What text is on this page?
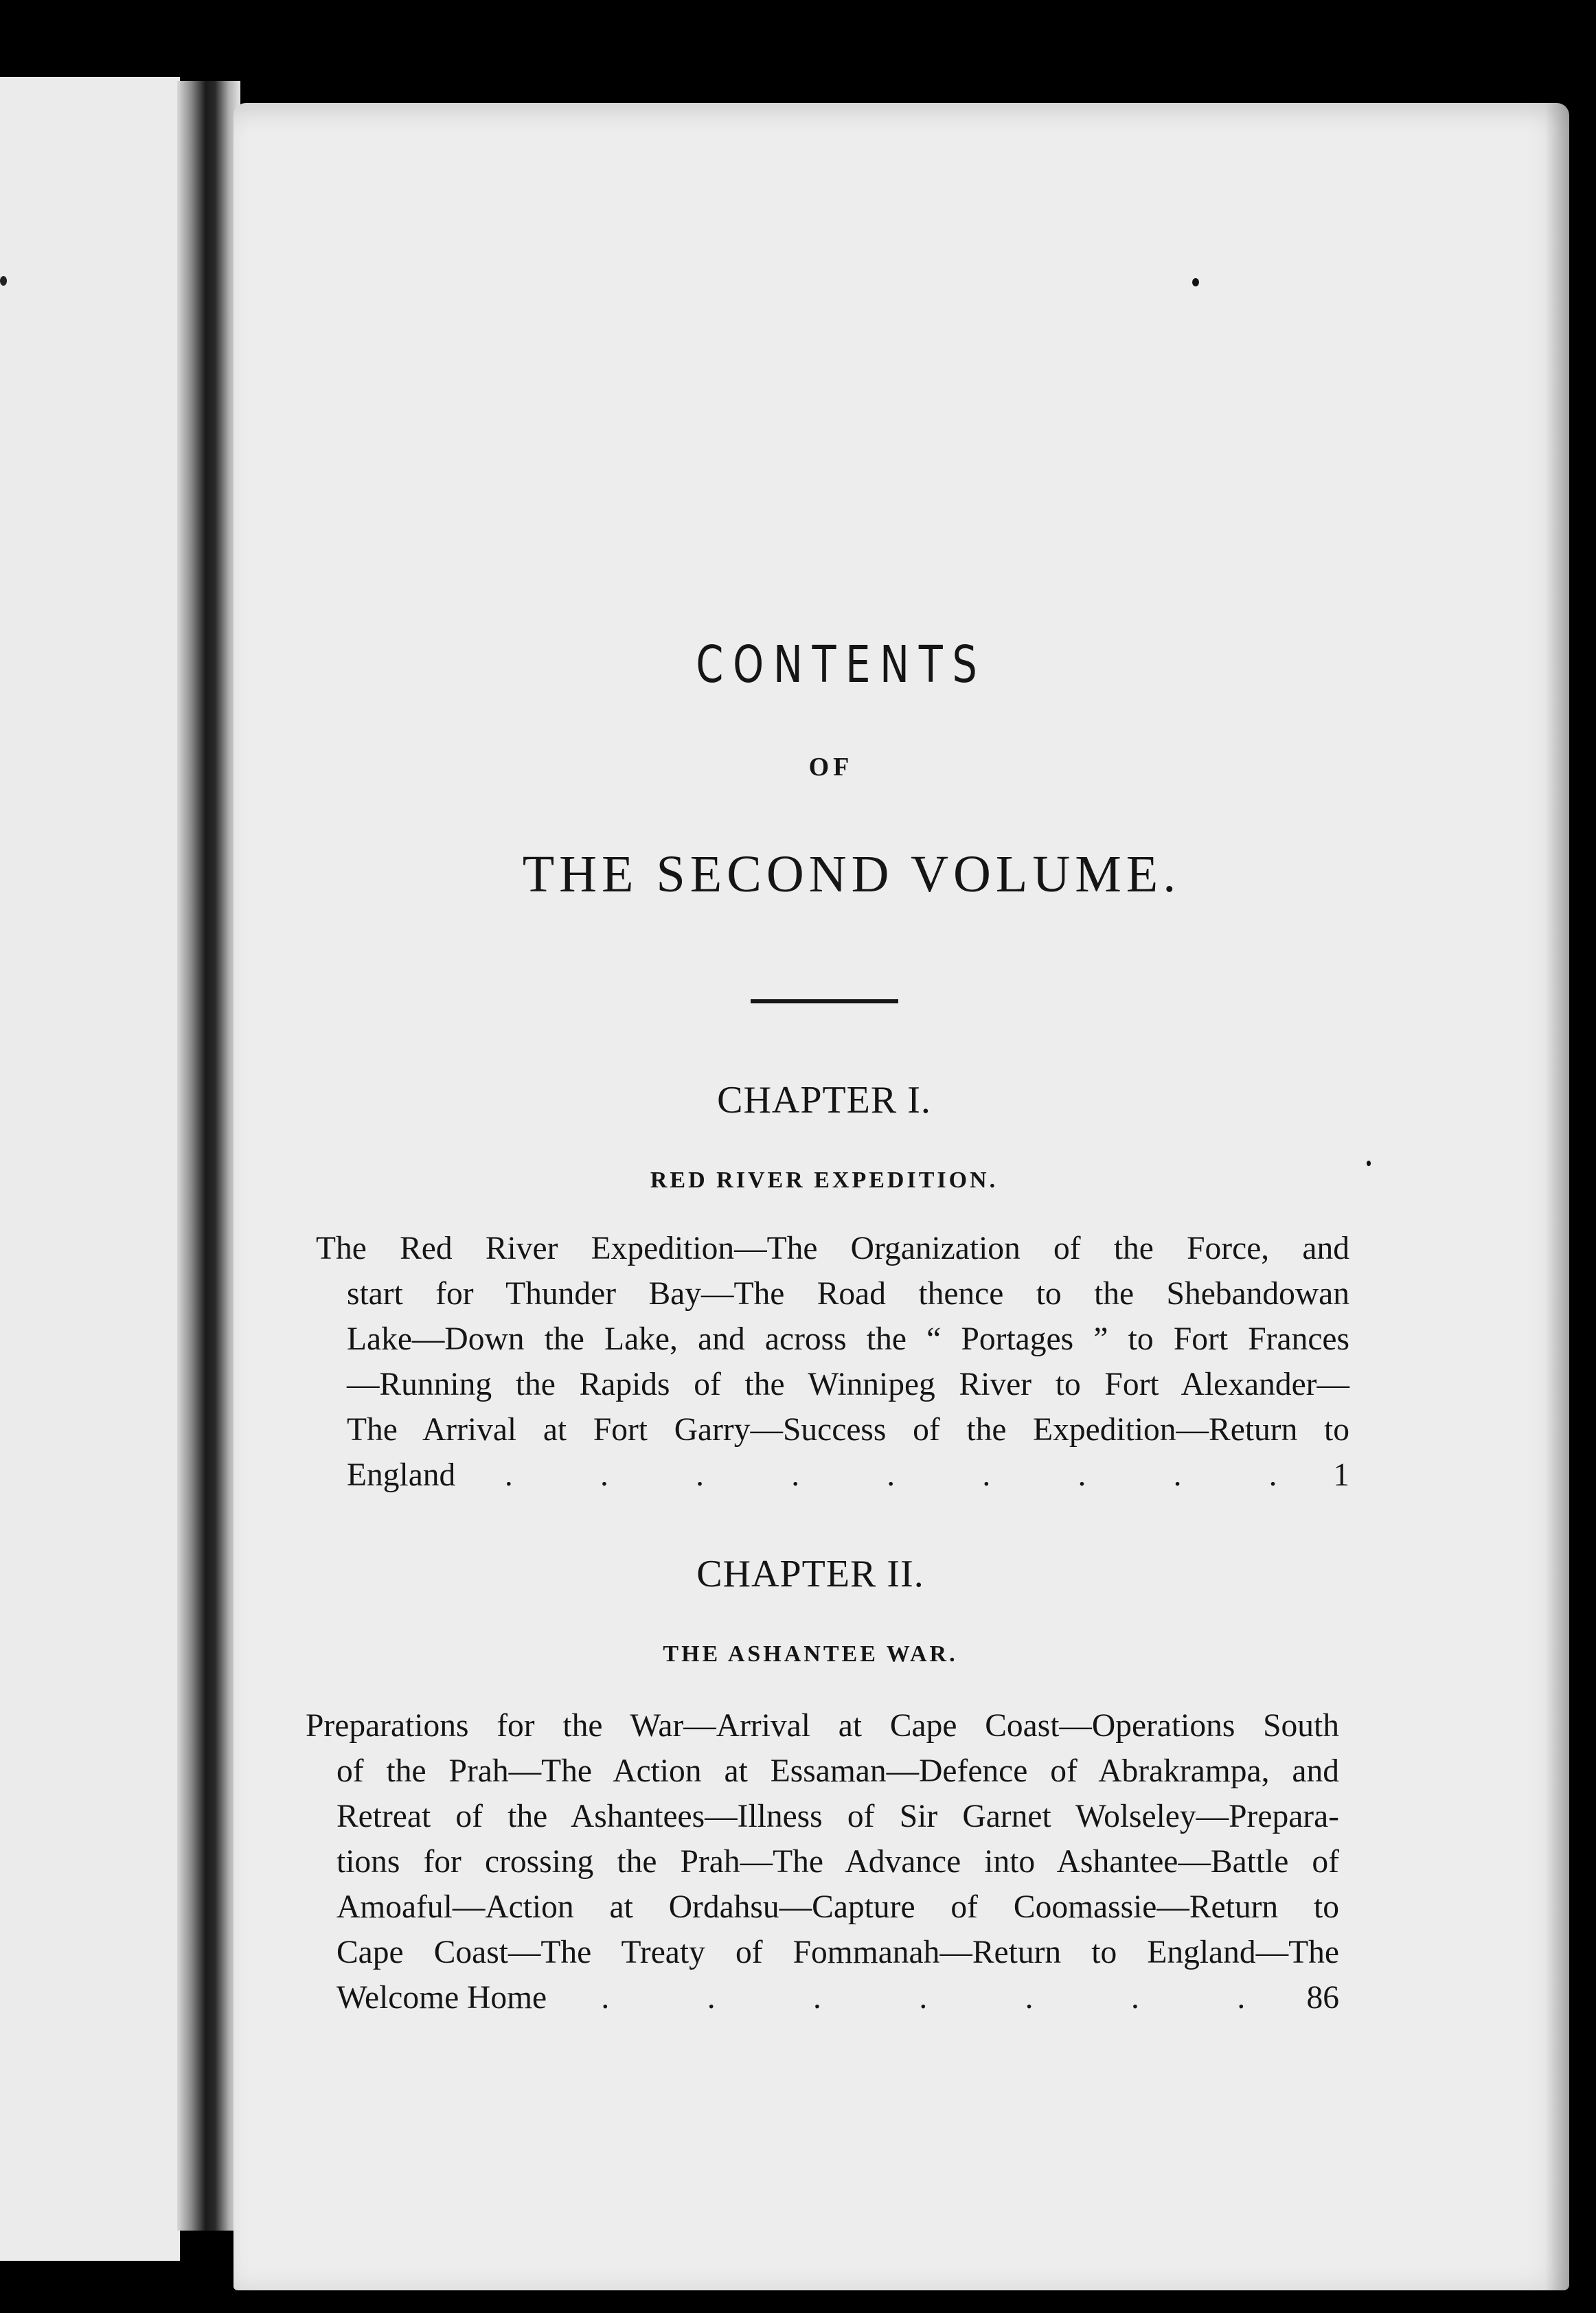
CONTENTS
OF
THE SECOND VOLUME.
CHAPTER I.
RED RIVER EXPEDITION.
The Red River Expedition—The Organization of the Force, and
start for Thunder Bay—The Road thence to the Shebandowan
Lake—Down the Lake, and across the “ Portages ” to Fort Frances
—Running the Rapids of the Winnipeg River to Fort Alexander—
The Arrival at Fort Garry—Success of the Expedition—Return to
England .	.	.	.	.	.	.	.	. 1
CHAPTER II.
THE ASHANTEE WAR.
Preparations for the War—Arrival at Cape Coast—Operations South
of the Prah—The Action at Essaman—Defence of Abrakrampa, and
Retreat of the Ashantees—Illness of Sir Garnet Wolseley—Prepara-
tions for crossing the Prah—The Advance into Ashantee—Battle of
Amoaful—Action at Ordahsu—Capture of Coomassie—Return to
Cape Coast—The Treaty of Fommanah—Return to England—The
Welcome Home .	.	.	.	.	.	. 86
